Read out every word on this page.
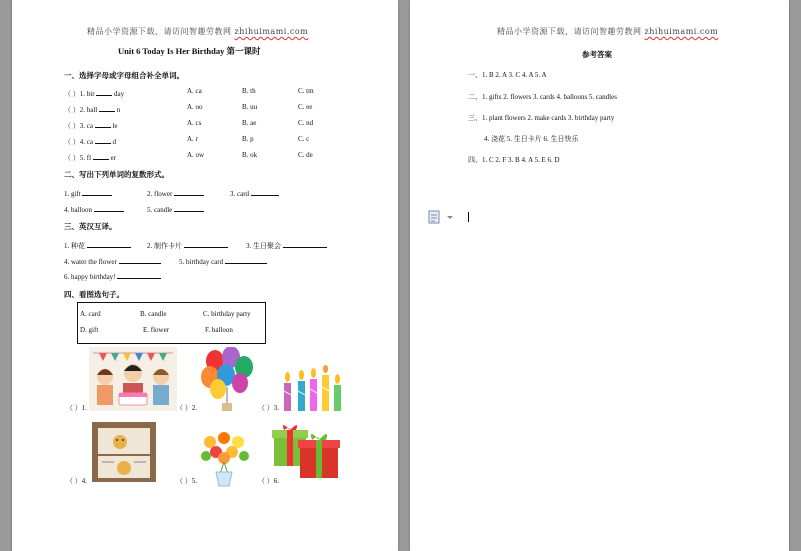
精品小学资源下载，请访问智趣劳教网 zhihuimami.com
Unit 6 Today Is Her Birthday 第一课时
一、选择字母或字母组合补全单词。
（ ）1. bir	day	A. ca	B. th	C. tm
（ ）2. ball	n	A. oo	B. uu	C. ee
（ ）3. ca	le	A. cs	B. ae	C. nd
（ ）4. ca	d	A. r	B. p	C. c
（ ）5. fl	er	A. ow	B. ok	C. de
二、写出下列单词的复数形式。
1. gift	2. flower	3. card
4. balloon	5. candle
三、英汉互译。
1. 种花	2. 制作卡片	3. 生日聚会
4. water the flower	5. birthday card
6. happy birthday!
四、看图选句子。
A. card	B. candle	C. birthday party
D. gift	E. flower	F. balloon
（ ）1.	（ ）2.	（ ）3.
（ ）4.	（ ）5.	（ ）6.
精品小学资源下载，请访问智趣劳教网 zhihuimami.com
参考答案
一、1. B 2. A 3. C 4. A 5. A
二、1. gifts 2. flowers 3. cards 4. balloons 5. candles
三、1. plant flowers 2. make cards 3. birthday party
4. 浇花 5. 生日卡片 6. 生日快乐
四、1. C 2. F 3. B 4. A 5. E 6. D
